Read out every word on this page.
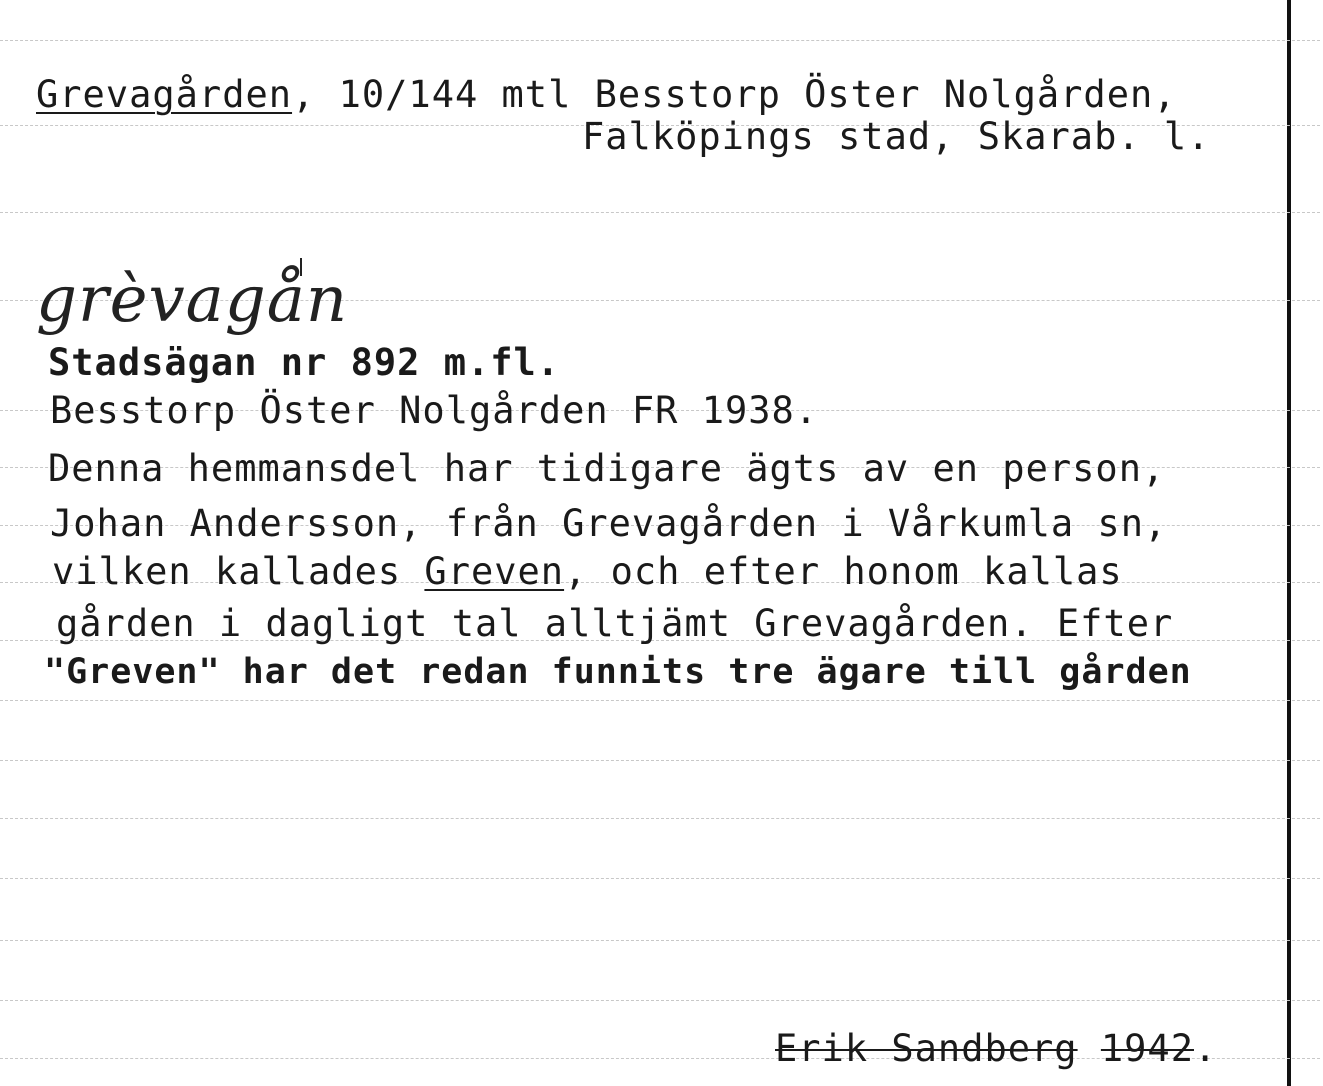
Grevagården, 10/144 mtl Besstorp Öster Nolgården,
Falköpings stad, Skarab. l.
grèvagån
Stadsägan nr 892 m.fl.
Besstorp Öster Nolgården FR 1938.
Denna hemmansdel har tidigare ägts av en person,
Johan Andersson, från Grevagården i Vårkumla sn,
vilken kallades Greven, och efter honom kallas
gården i dagligt tal alltjämt Grevagården. Efter
"Greven" har det redan funnits tre ägare till gården
Erik Sandberg 1942.
